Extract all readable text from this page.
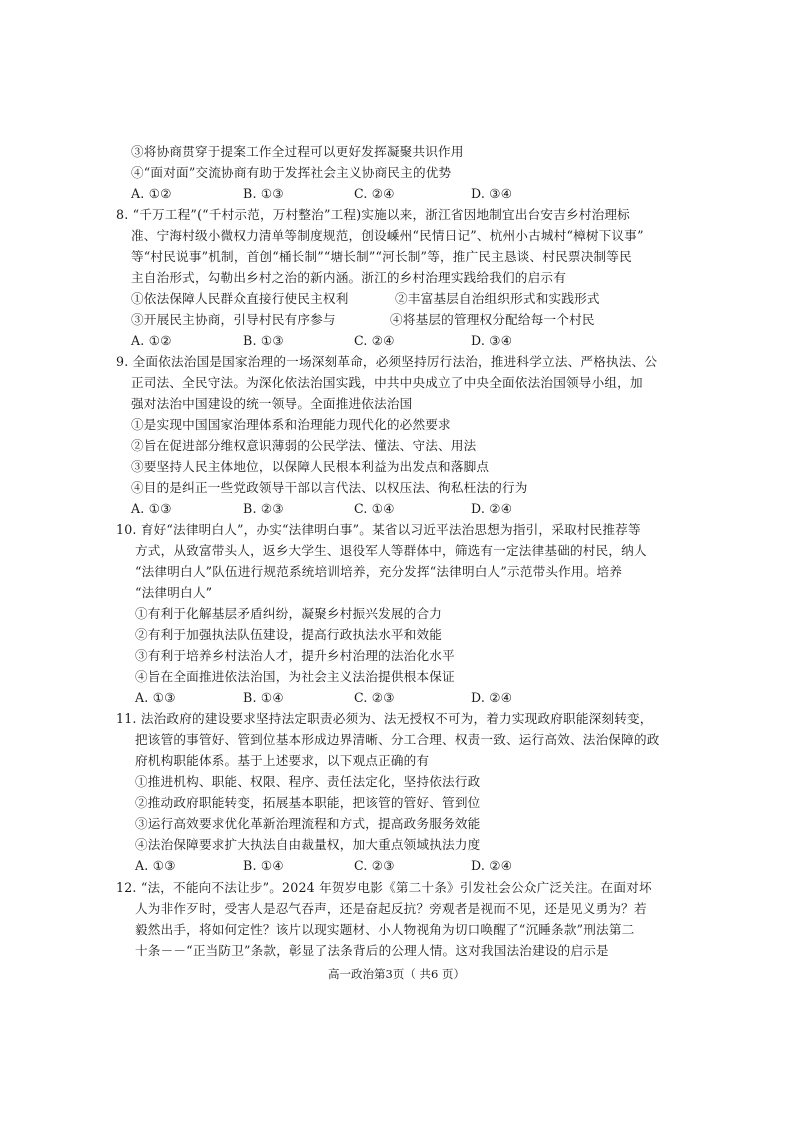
③将协商贯穿于提案工作全过程可以更好发挥凝聚共识作用
④“面对面”交流协商有助于发挥社会主义协商民主的优势
A. ①②	B. ①③	C. ②④	D. ③④
8. “千万工程”(“千村示范，万村整治”工程)实施以来，浙江省因地制宜出台安吉乡村治理标
准、宁海村级小微权力清单等制度规范，创设嵊州“民情日记”、杭州小古城村“樟树下议事”
等“村民说事”机制，首创“桶长制”“塘长制”“河长制”等，推广民主恳谈、村民票决制等民
主自治形式，勾勒出乡村之治的新内涵。浙江的乡村治理实践给我们的启示有
①依法保障人民群众直接行使民主权利	②丰富基层自治组织形式和实践形式
③开展民主协商，引导村民有序参与	④将基层的管理权分配给每一个村民
A. ①②	B. ①③	C. ②④	D. ③④
9. 全面依法治国是国家治理的一场深刻革命，必须坚持厉行法治，推进科学立法、严格执法、公
正司法、全民守法。为深化依法治国实践，中共中央成立了中央全面依法治国领导小组，加
强对法治中国建设的统一领导。全面推进依法治国
①是实现中国国家治理体系和治理能力现代化的必然要求
②旨在促进部分维权意识薄弱的公民学法、懂法、守法、用法
③要坚持人民主体地位，以保障人民根本利益为出发点和落脚点
④目的是纠正一些党政领导干部以言代法、以权压法、徇私枉法的行为
A. ①③	B. ②③	C. ①④	D. ②④
10. 育好“法律明白人”，办实“法律明白事”。某省以习近平法治思想为指引，采取村民推荐等
方式，从致富带头人，返乡大学生、退役军人等群体中，筛选有一定法律基础的村民，纳人
“法律明白人”队伍进行规范系统培训培养，充分发挥“法律明白人”示范带头作用。培养
“法律明白人”
①有利于化解基层矛盾纠纷，凝聚乡村振兴发展的合力
②有利于加强执法队伍建设，提高行政执法水平和效能
③有利于培养乡村法治人才，提升乡村治理的法治化水平
④旨在全面推进依法治国，为社会主义法治提供根本保证
A. ①③	B. ①④	C. ②③	D. ②④
11. 法治政府的建设要求坚持法定职责必须为、法无授权不可为，着力实现政府职能深刻转变，
把该管的事管好、管到位基本形成边界清晰、分工合理、权责一致、运行高效、法治保障的政
府机构职能体系。基于上述要求，以下观点正确的有
①推进机构、职能、权限、程序、责任法定化，坚持依法行政
②推动政府职能转变，拓展基本职能，把该管的管好、管到位
③运行高效要求优化革新治理流程和方式，提高政务服务效能
④法治保障要求扩大执法自由裁量权，加大重点领域执法力度
A. ①③	B. ①④	C. ②③	D. ②④
12. “法，不能向不法让步”。2024 年贺岁电影《第二十条》引发社会公众广泛关注。在面对坏
人为非作歹时，受害人是忍气吞声，还是奋起反抗？旁观者是视而不见，还是见义勇为？若
毅然出手，将如何定性？该片以现实题材、小人物视角为切口唤醒了“沉睡条款”刑法第二
十条－－“正当防卫”条款，彰显了法条背后的公理人情。这对我国法治建设的启示是
高一政治第3页（ 共6 页）
